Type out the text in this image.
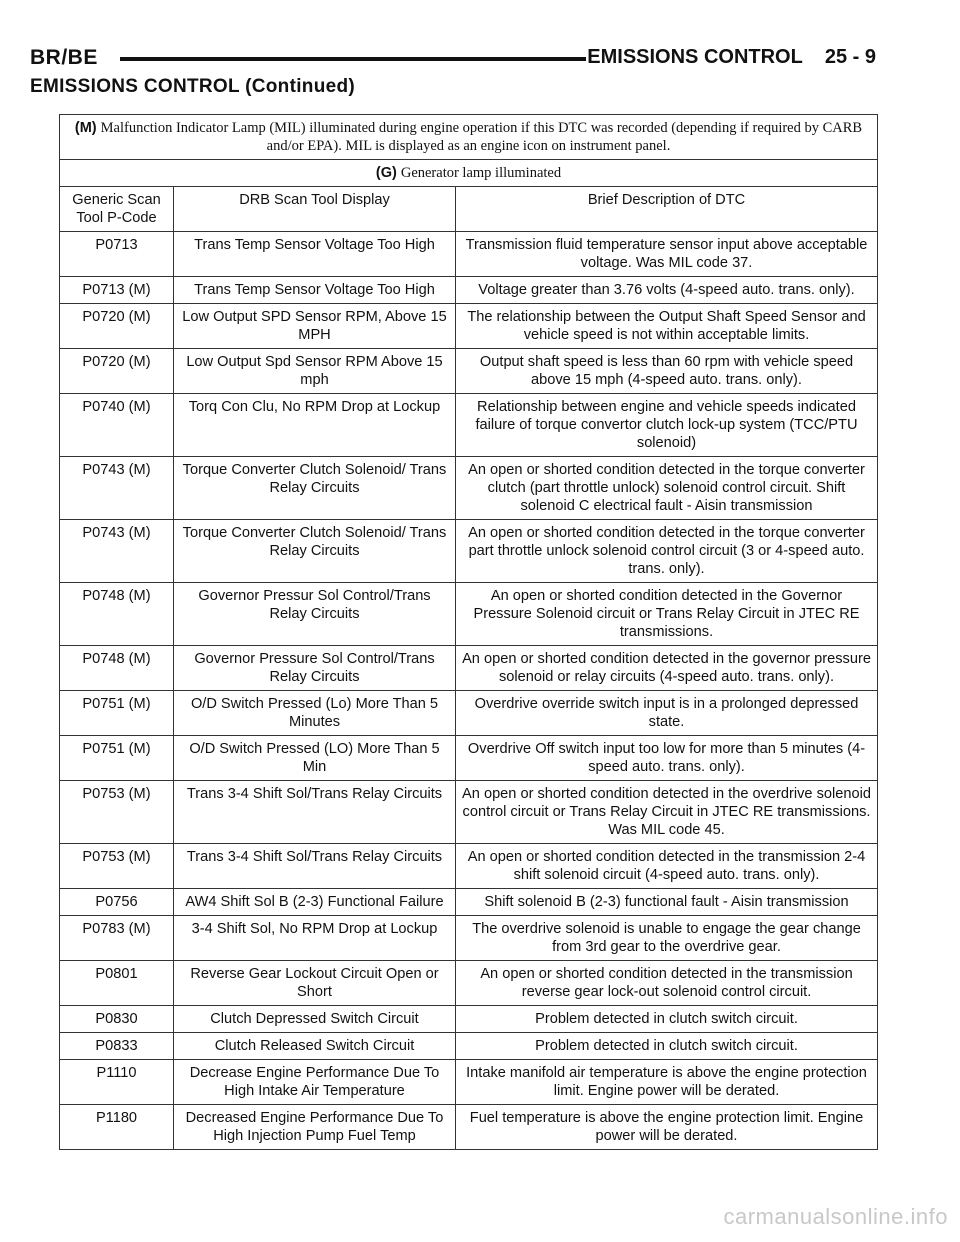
BR/BE	EMISSIONS CONTROL 25 - 9
EMISSIONS CONTROL (Continued)
(M) Malfunction Indicator Lamp (MIL) illuminated during engine operation if this DTC was recorded (depending if required by CARB and/or EPA). MIL is displayed as an engine icon on instrument panel.		
(G) Generator lamp illuminated		
Generic Scan Tool P-Code	DRB Scan Tool Display	Brief Description of DTC
P0713	Trans Temp Sensor Voltage Too High	Transmission fluid temperature sensor input above acceptable voltage. Was MIL code 37.
P0713 (M)	Trans Temp Sensor Voltage Too High	Voltage greater than 3.76 volts (4-speed auto. trans. only).
P0720 (M)	Low Output SPD Sensor RPM, Above 15 MPH	The relationship between the Output Shaft Speed Sensor and vehicle speed is not within acceptable limits.
P0720 (M)	Low Output Spd Sensor RPM Above 15 mph	Output shaft speed is less than 60 rpm with vehicle speed above 15 mph (4-speed auto. trans. only).
P0740 (M)	Torq Con Clu, No RPM Drop at Lockup	Relationship between engine and vehicle speeds indicated failure of torque convertor clutch lock-up system (TCC/PTU solenoid)
P0743 (M)	Torque Converter Clutch Solenoid/ Trans Relay Circuits	An open or shorted condition detected in the torque converter clutch (part throttle unlock) solenoid control circuit. Shift solenoid C electrical fault - Aisin transmission
P0743 (M)	Torque Converter Clutch Solenoid/ Trans Relay Circuits	An open or shorted condition detected in the torque converter part throttle unlock solenoid control circuit (3 or 4-speed auto. trans. only).
P0748 (M)	Governor Pressur Sol Control/Trans Relay Circuits	An open or shorted condition detected in the Governor Pressure Solenoid circuit or Trans Relay Circuit in JTEC RE transmissions.
P0748 (M)	Governor Pressure Sol Control/Trans Relay Circuits	An open or shorted condition detected in the governor pressure solenoid or relay circuits (4-speed auto. trans. only).
P0751 (M)	O/D Switch Pressed (Lo) More Than 5 Minutes	Overdrive override switch input is in a prolonged depressed state.
P0751 (M)	O/D Switch Pressed (LO) More Than 5 Min	Overdrive Off switch input too low for more than 5 minutes (4-speed auto. trans. only).
P0753 (M)	Trans 3-4 Shift Sol/Trans Relay Circuits	An open or shorted condition detected in the overdrive solenoid control circuit or Trans Relay Circuit in JTEC RE transmissions. Was MIL code 45.
P0753 (M)	Trans 3-4 Shift Sol/Trans Relay Circuits	An open or shorted condition detected in the transmission 2-4 shift solenoid circuit (4-speed auto. trans. only).
P0756	AW4 Shift Sol B (2-3) Functional Failure	Shift solenoid B (2-3) functional fault - Aisin transmission
P0783 (M)	3-4 Shift Sol, No RPM Drop at Lockup	The overdrive solenoid is unable to engage the gear change from 3rd gear to the overdrive gear.
P0801	Reverse Gear Lockout Circuit Open or Short	An open or shorted condition detected in the transmission reverse gear lock-out solenoid control circuit.
P0830	Clutch Depressed Switch Circuit	Problem detected in clutch switch circuit.
P0833	Clutch Released Switch Circuit	Problem detected in clutch switch circuit.
P1110	Decrease Engine Performance Due To High Intake Air Temperature	Intake manifold air temperature is above the engine protection limit. Engine power will be derated.
P1180	Decreased Engine Performance Due To High Injection Pump Fuel Temp	Fuel temperature is above the engine protection limit. Engine power will be derated.
carmanualsonline.info
